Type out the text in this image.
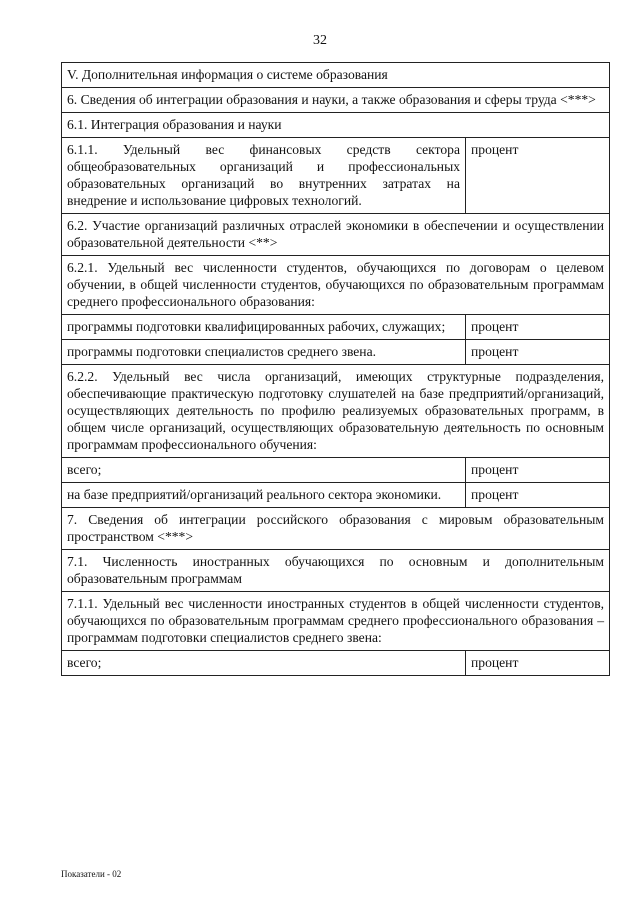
32
V. Дополнительная информация о системе образования	
6. Сведения об интеграции образования и науки, а также образования и сферы труда <***>	
6.1. Интеграция образования и науки	
6.1.1. Удельный вес финансовых средств сектора общеобразовательных организаций и профессиональных образовательных организаций во внутренних затратах на внедрение и использование цифровых технологий.	процент
6.2. Участие организаций различных отраслей экономики в обеспечении и осуществлении образовательной деятельности <**>	
6.2.1. Удельный вес численности студентов, обучающихся по договорам о целевом обучении, в общей численности студентов, обучающихся по образовательным программам среднего профессионального образования:	
программы подготовки квалифицированных рабочих, служащих;	процент
программы подготовки специалистов среднего звена.	процент
6.2.2. Удельный вес числа организаций, имеющих структурные подразделения, обеспечивающие практическую подготовку слушателей на базе предприятий/организаций, осуществляющих деятельность по профилю реализуемых образовательных программ, в общем числе организаций, осуществляющих образовательную деятельность по основным программам профессионального обучения:	
всего;	процент
на базе предприятий/организаций реального сектора экономики.	процент
7. Сведения об интеграции российского образования с мировым образовательным пространством <***>	
7.1. Численность иностранных обучающихся по основным и дополнительным образовательным программам	
7.1.1. Удельный вес численности иностранных студентов в общей численности студентов, обучающихся по образовательным программам среднего профессионального образования – программам подготовки специалистов среднего звена:	
всего;	процент
Показатели - 02
